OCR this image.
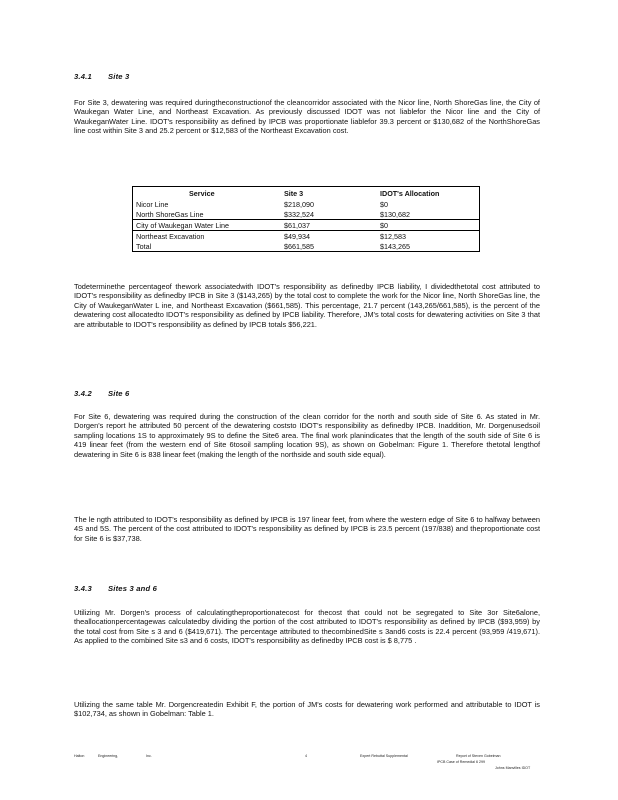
3.4.1 Site 3

For Site 3, dewatering was required duringtheconstructionof the cleancorridor associated with the Nicor line, North ShoreGas line, the City of Waukegan Water Line, and Northeast Excavation. As previously discussed IDOT was not liablefor the Nicor line and the City of WaukeganWater Line. IDOT's responsibility as defined by IPCB was proportionate liablefor 39.3 percent or $130,682 of the NorthShoreGas line cost within Site 3 and 25.2 percent or $12,583 of the Northeast Excavation cost.

Service	Site 3	IDOT's Allocation
Nicor Line	$218,090	$0
North ShoreGas Line	$332,524	$130,682
City of Waukegan Water Line	$61,037	$0
Northeast Excavation	$49,934	$12,583
Total	$661,585	$143,265

Todeterminethe percentageof thework associatedwith IDOT's responsibility as definedby IPCB liability, I dividedthetotal cost attributed to IDOT's responsibility as definedby IPCB in Site 3 ($143,265) by the total cost to complete the work for the Nicor line, North ShoreGas line, the City of WaukeganWater L ine, and Northeast Excavation ($661,585). This percentage, 21.7 percent (143,265/661,585), is the percent of the dewatering cost allocatedto IDOT's responsibility as defined by IPCB liability. Therefore, JM's total costs for dewatering activities on Site 3 that are attributable to IDOT's responsibility as defined by IPCB totals $56,221.

3.4.2 Site 6

For Site 6, dewatering was required during the construction of the clean corridor for the north and south side of Site 6. As stated in Mr. Dorgen's report he attributed 50 percent of the dewatering coststo IDOT's responsibility as definedby IPCB. Inaddition, Mr. Dorgenusedsoil sampling locations 1S to approximately 9S to define the Site6 area. The final work planindicates that the length of the south side of Site 6 is 419 linear feet (from the western end of Site 6tosoil sampling location 9S), as shown on Gobelman: Figure 1. Therefore thetotal lengthof dewatering in Site 6 is 838 linear feet (making the length of the northside and south side equal).

The le ngth attributed to IDOT's responsibility as defined by IPCB is 197 linear feet, from where the western edge of Site 6 to halfway between 4S and 5S. The percent of the cost attributed to IDOT's responsibility as defined by IPCB is 23.5 percent (197/838) and theproportionate cost for Site 6 is $37,738.

3.4.3 Sites 3 and 6

Utilizing Mr. Dorgen's process of calculatingtheproportionatecost for thecost that could not be segregated to Site 3or Site6alone, theallocationpercentagewas calculatedby dividing the portion of the cost attributed to IDOT's responsibility as defined by IPCB ($93,959) by the total cost from Site s 3 and 6 ($419,671). The percentage attributed to thecombinedSite s 3and6 costs is 22.4 percent (93,959 /419,671). As applied to the combined Site s3 and 6 costs, IDOT's responsibility as definedby IPCB cost is $ 8,775 .

Utilizing the same table Mr. Dorgencreatedin Exhibit F, the portion of JM's costs for dewatering work performed and attributable to IDOT is $102,734, as shown in Gobelman: Table 1.

Halton	Engineering,	Inc.	4	Expert Rebuttal Supplemental	Report of Steven Gobelman
IPCB Case of Remedial 6 299
Johns Manvilles IDOT
